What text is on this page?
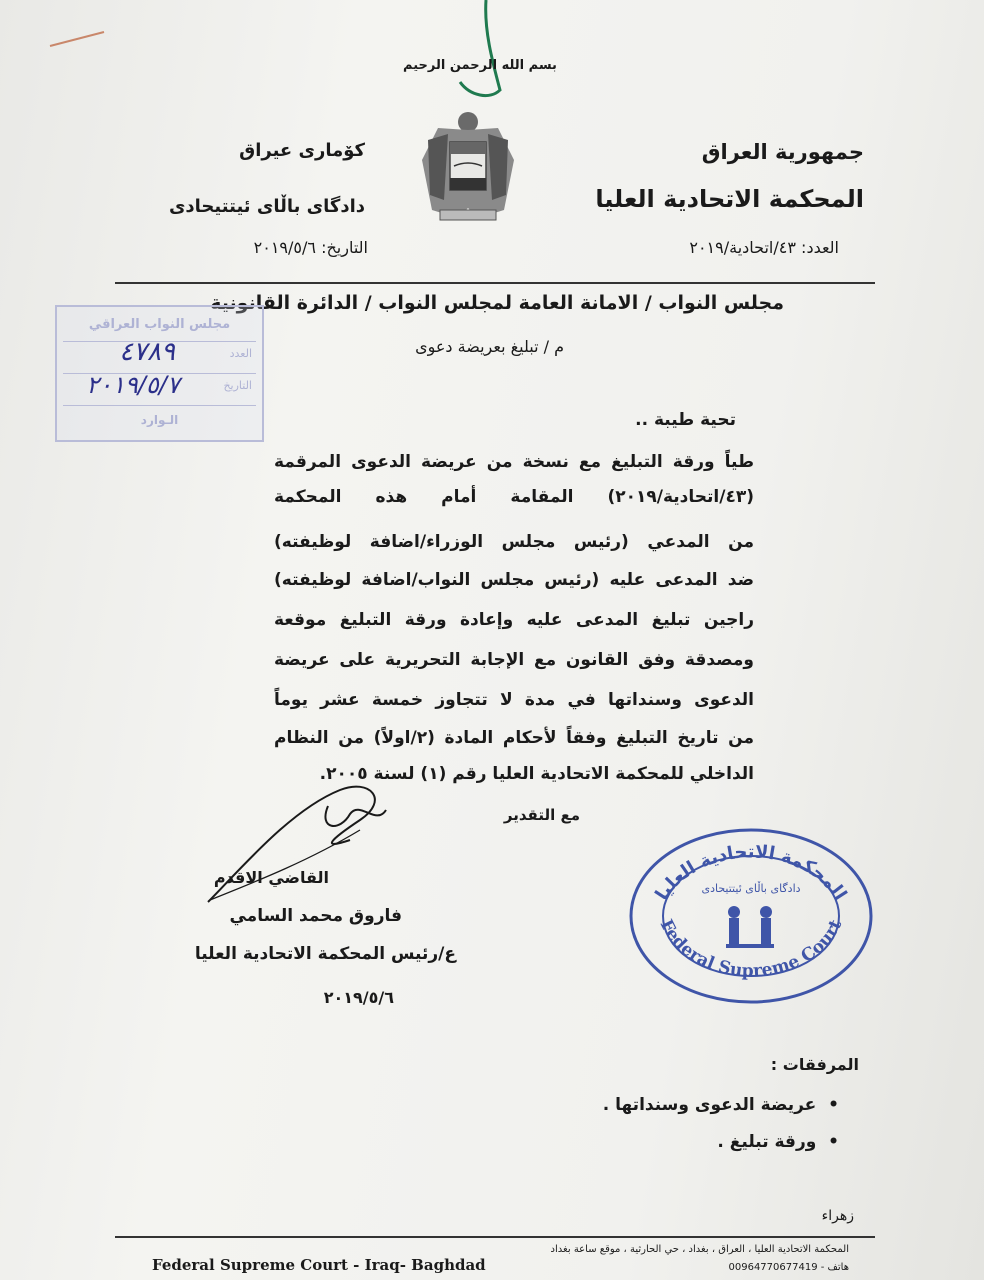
بسم الله الرحمن الرحيم
جمهورية العراق
المحكمة الاتحادية العليا
العدد: ٤٣/اتحادية/٢٠١٩
كۆماری عیراق
دادگای باڵای ئیتتیحادی
التاريخ: ٢٠١٩/٥/٦
مجلس النواب / الامانة العامة لمجلس النواب / الدائرة القانونية
م / تبليغ بعريضة دعوى
مجلس النواب العراقي
العدد
٤٧٨٩
التاريخ
٢٠١٩/٥/٧
الـوارد	تحية طيبة ..
طياً ورقة التبليغ مع نسخة من عريضة الدعوى المرقمة
(٤٣/اتحادية/٢٠١٩) المقامة أمام هذه المحكمة
من المدعي (رئيس مجلس الوزراء/اضافة لوظيفته)
ضد المدعى عليه (رئيس مجلس النواب/اضافة لوظيفته)
راجين تبليغ المدعى عليه وإعادة ورقة التبليغ موقعة
ومصدقة وفق القانون مع الإجابة التحريرية على عريضة
الدعوى وسنداتها في مدة لا تتجاوز خمسة عشر يوماً
من تاريخ التبليغ وفقاً لأحكام المادة (٢/اولاً) من النظام
الداخلي للمحكمة الاتحادية العليا رقم (١) لسنة ٢٠٠٥.
مع التقدير
القاضي الاقدم
فاروق محمد السامي
ع/رئيس المحكمة الاتحادية العليا
٢٠١٩/٥/٦
المحكمة الاتحادية العليا
Federal Supreme Court
دادگای باڵای ئیتتیحادی
المرفقات :
•  عريضة الدعوى وسنداتها .
•  ورقة تبليغ .
زهراء
Federal Supreme Court - Iraq- Baghdad
المحكمة الاتحادية العليا ، العراق ، بغداد ، حي الحارثية ، موقع ساعة بغداد
هاتف - 00964770677419
